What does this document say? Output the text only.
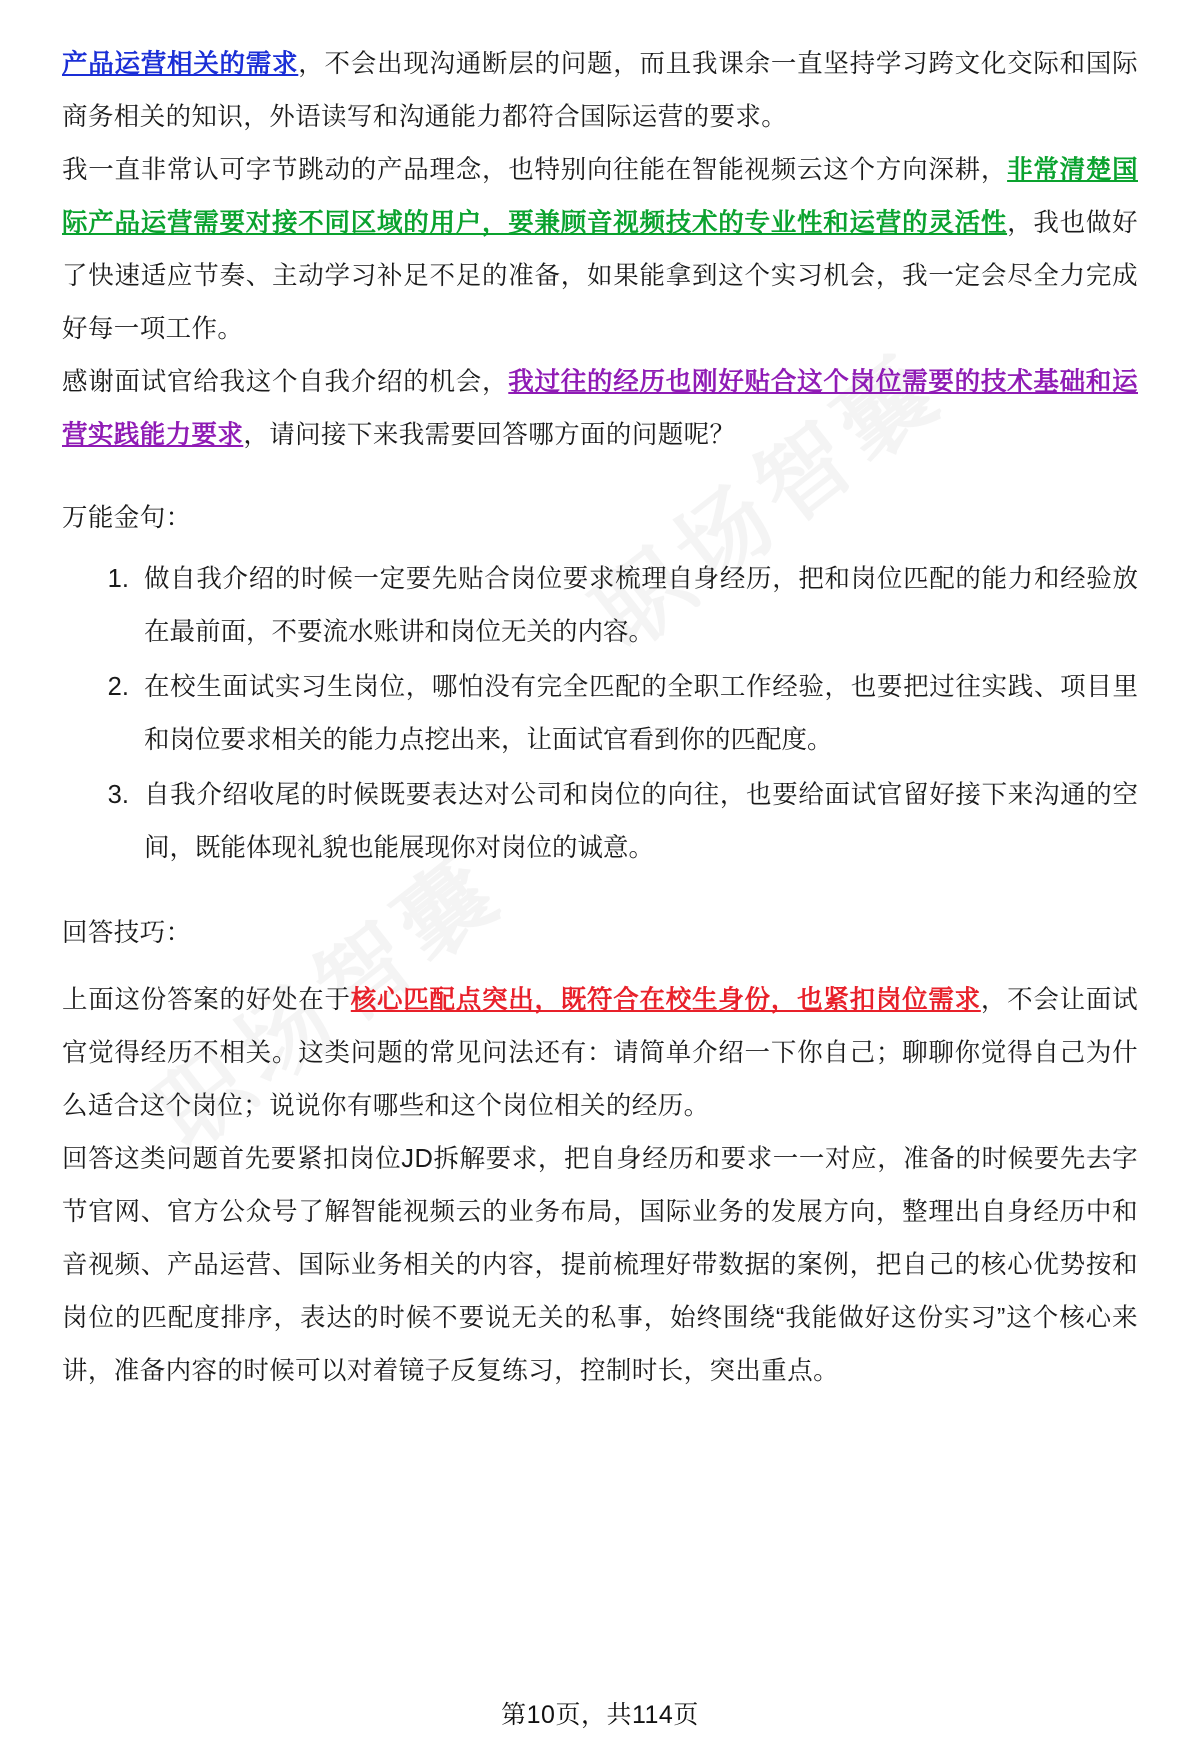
产品运营相关的需求，不会出现沟通断层的问题，而且我课余一直坚持学习跨文化交际和国际商务相关的知识，外语读写和沟通能力都符合国际运营的要求。

我一直非常认可字节跳动的产品理念，也特别向往能在智能视频云这个方向深耕，非常清楚国际产品运营需要对接不同区域的用户，要兼顾音视频技术的专业性和运营的灵活性，我也做好了快速适应节奏、主动学习补足不足的准备，如果能拿到这个实习机会，我一定会尽全力完成好每一项工作。

感谢面试官给我这个自我介绍的机会，我过往的经历也刚好贴合这个岗位需要的技术基础和运营实践能力要求，请问接下来我需要回答哪方面的问题呢？

万能金句：

1. 做自我介绍的时候一定要先贴合岗位要求梳理自身经历，把和岗位匹配的能力和经验放在最前面，不要流水账讲和岗位无关的内容。
2. 在校生面试实习生岗位，哪怕没有完全匹配的全职工作经验，也要把过往实践、项目里和岗位要求相关的能力点挖出来，让面试官看到你的匹配度。
3. 自我介绍收尾的时候既要表达对公司和岗位的向往，也要给面试官留好接下来沟通的空间，既能体现礼貌也能展现你对岗位的诚意。

回答技巧：

上面这份答案的好处在于核心匹配点突出，既符合在校生身份，也紧扣岗位需求，不会让面试官觉得经历不相关。这类问题的常见问法还有：请简单介绍一下你自己；聊聊你觉得自己为什么适合这个岗位；说说你有哪些和这个岗位相关的经历。

回答这类问题首先要紧扣岗位JD拆解要求，把自身经历和要求一一对应，准备的时候要先去字节官网、官方公众号了解智能视频云的业务布局，国际业务的发展方向，整理出自身经历中和音视频、产品运营、国际业务相关的内容，提前梳理好带数据的案例，把自己的核心优势按和岗位的匹配度排序，表达的时候不要说无关的私事，始终围绕“我能做好这份实习”这个核心来讲，准备内容的时候可以对着镜子反复练习，控制时长，突出重点。

第10页，共114页
